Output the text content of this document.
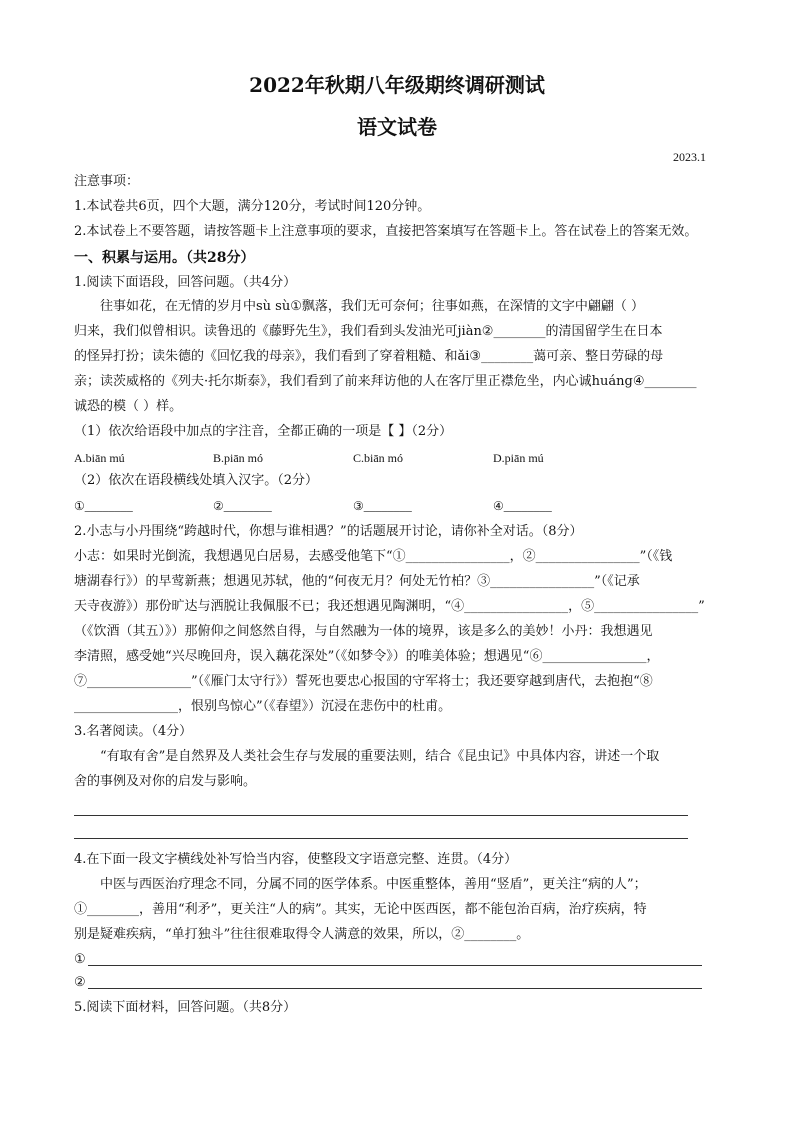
2022年秋期八年级期终调研测试
语文试卷
2023.1
注意事项：
1.本试卷共6页，四个大题，满分120分，考试时间120分钟。
2.本试卷上不要答题，请按答题卡上注意事项的要求，直接把答案填写在答题卡上。答在试卷上的答案无效。
一、积累与运用。（共28分）
1.阅读下面语段，回答问题。（共4分）
往事如花，在无情的岁月中sù sù①飘落，我们无可奈何；往事如燕，在深情的文字中翩翩（ ）
归来，我们似曾相识。读鲁迅的《藤野先生》，我们看到头发油光可jiàn②________的清国留学生在日本
的怪异打扮；读朱德的《回忆我的母亲》，我们看到了穿着粗糙、和ǎi③________蔼可亲、整日劳碌的母
亲；读茨威格的《列夫·托尔斯泰》，我们看到了前来拜访他的人在客厅里正襟危坐，内心诚huáng④________
诚恐的模（ ）样。
（1）依次给语段中加点的字注音，全都正确的一项是【 】（2分）
A.biān mú	B.piān mó	C.biān mó	D.piān mú
（2）依次在语段横线处填入汉字。（2分）
①________	②________	③________	④________
2.小志与小丹围绕“跨越时代，你想与谁相遇？”的话题展开讨论，请你补全对话。（8分）
小志：如果时光倒流，我想遇见白居易，去感受他笔下“①________________，②________________”（《钱
塘湖春行》）的早莺新燕；想遇见苏轼，他的“何夜无月？何处无竹柏？③________________”（《记承
天寺夜游》）那份旷达与洒脱让我佩服不已；我还想遇见陶渊明，“④________________，⑤________________”
（《饮酒（其五）》）那俯仰之间悠然自得，与自然融为一体的境界，该是多么的美妙！小丹：我想遇见
李清照，感受她“兴尽晚回舟，误入藕花深处”（《如梦令》）的唯美体验；想遇见“⑥________________，
⑦________________”（《雁门太守行》）誓死也要忠心报国的守军将士；我还要穿越到唐代，去抱抱“⑧
________________，恨别鸟惊心”（《春望》）沉浸在悲伤中的杜甫。
3.名著阅读。（4分）
“有取有舍”是自然界及人类社会生存与发展的重要法则，结合《昆虫记》中具体内容，讲述一个取
舍的事例及对你的启发与影响。
4.在下面一段文字横线处补写恰当内容，使整段文字语意完整、连贯。（4分）
中医与西医治疗理念不同，分属不同的医学体系。中医重整体，善用“竖盾”，更关注“病的人”；
①________，善用“利矛”，更关注“人的病”。其实，无论中医西医，都不能包治百病，治疗疾病，特
别是疑难疾病，“单打独斗”往往很难取得令人满意的效果，所以，②________。
①
②
5.阅读下面材料，回答问题。（共8分）
